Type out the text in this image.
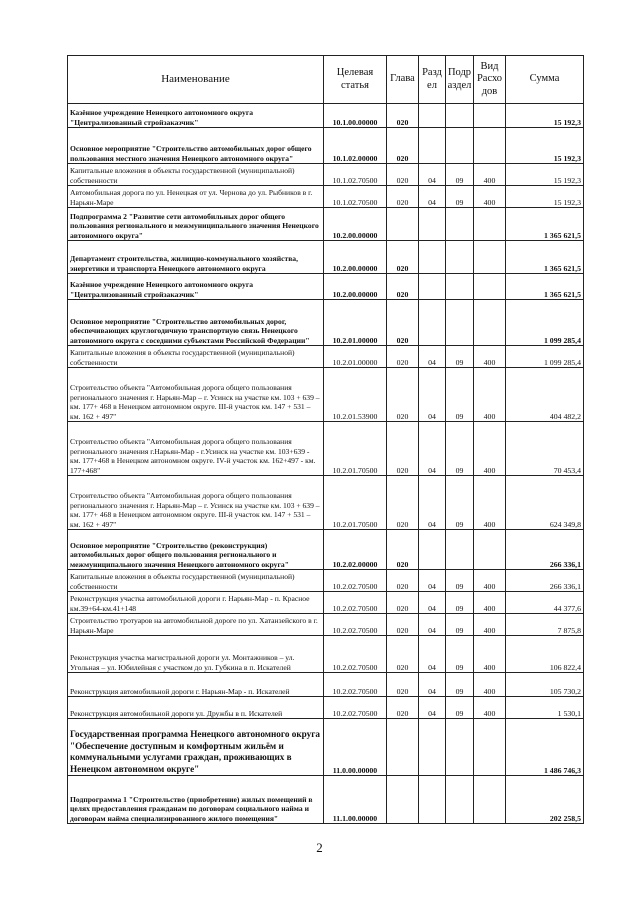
Наименование	Целевая статья	Глава	Разд ел	Подр аздел	Вид Расхо дов	Сумма
Казённое учреждение Ненецкого автономного округа "Централизованный стройзаказчик"	10.1.00.00000	020				15 192,3
Основное мероприятие "Строительство автомобильных дорог общего пользования местного значения Ненецкого автономного округа"	10.1.02.00000	020				15 192,3
Капитальные вложения в объекты государственной (муниципальной) собственности	10.1.02.70500	020	04	09	400	15 192,3
Автомобильная дорога по ул. Ненецкая от ул. Чернова до ул. Рыбников в г. Нарьян-Маре	10.1.02.70500	020	04	09	400	15 192,3
Подпрограмма 2 "Развитие сети автомобильных дорог общего пользования регионального и межмуниципального значения Ненецкого автономного округа"	10.2.00.00000					1 365 621,5
Департамент строительства, жилищно-коммунального хозяйства, энергетики и транспорта Ненецкого автономного округа	10.2.00.00000	020				1 365 621,5
Казённое учреждение Ненецкого автономного округа "Централизованный стройзаказчик"	10.2.00.00000	020				1 365 621,5
Основное мероприятие "Строительство автомобильных дорог, обеспечивающих круглогодичную транспортную связь Ненецкого автономного округа с соседними субъектами Российской Федерации"	10.2.01.00000	020				1 099 285,4
Капитальные вложения в объекты государственной (муниципальной) собственности	10.2.01.00000	020	04	09	400	1 099 285,4
Строительство объекта "Автомобильная дорога общего пользования регионального значения г. Нарьян-Мар – г. Усинск на участке км. 103 + 639 – км. 177+ 468 в Ненецком автономном округе. III-й участок км. 147 + 531 – км. 162 + 497"	10.2.01.53900	020	04	09	400	404 482,2
Строительство объекта "Автомобильная дорога общего пользования регионального значения г.Нарьян-Мар - г.Усинск на участке км. 103+639 - км. 177+468 в Ненецком автономном округе. IV-й участок км. 162+497 - км. 177+468"	10.2.01.70500	020	04	09	400	70 453,4
Строительство объекта "Автомобильная дорога общего пользования регионального значения г. Нарьян-Мар – г. Усинск на участке км. 103 + 639 – км. 177+ 468 в Ненецком автономном округе. III-й участок км. 147 + 531 – км. 162 + 497"	10.2.01.70500	020	04	09	400	624 349,8
Основное мероприятие "Строительство (реконструкция) автомобильных дорог общего пользования регионального и межмуниципального значения Ненецкого автономного округа"	10.2.02.00000	020				266 336,1
Капитальные вложения в объекты государственной (муниципальной) собственности	10.2.02.70500	020	04	09	400	266 336,1
Реконструкция участка автомобильной дороги г. Нарьян-Мар - п. Красное км.39+64-км.41+148	10.2.02.70500	020	04	09	400	44 377,6
Строительство тротуаров на автомобильной дороге по ул. Хатанзейского в г. Нарьян-Маре	10.2.02.70500	020	04	09	400	7 875,8
Реконструкция участка магистральной дороги ул. Монтажников – ул. Угольная – ул. Юбилейная с участком до ул. Губкина в п. Искателей	10.2.02.70500	020	04	09	400	106 822,4
Реконструкция автомобильной дороги г. Нарьян-Мар - п. Искателей	10.2.02.70500	020	04	09	400	105 730,2
Реконструкция автомобильной дороги ул. Дружбы в п. Искателей	10.2.02.70500	020	04	09	400	1 530,1
Государственная программа Ненецкого автономного округа "Обеспечение доступным и комфортным жильём и коммунальными услугами граждан, проживающих в Ненецком автономном округе"	11.0.00.00000					1 486 746,3
Подпрограмма 1 "Строительство (приобретение) жилых помещений в целях предоставления гражданам по договорам социального найма и договорам найма специализированного жилого помещения"	11.1.00.00000					202 258,5
2
